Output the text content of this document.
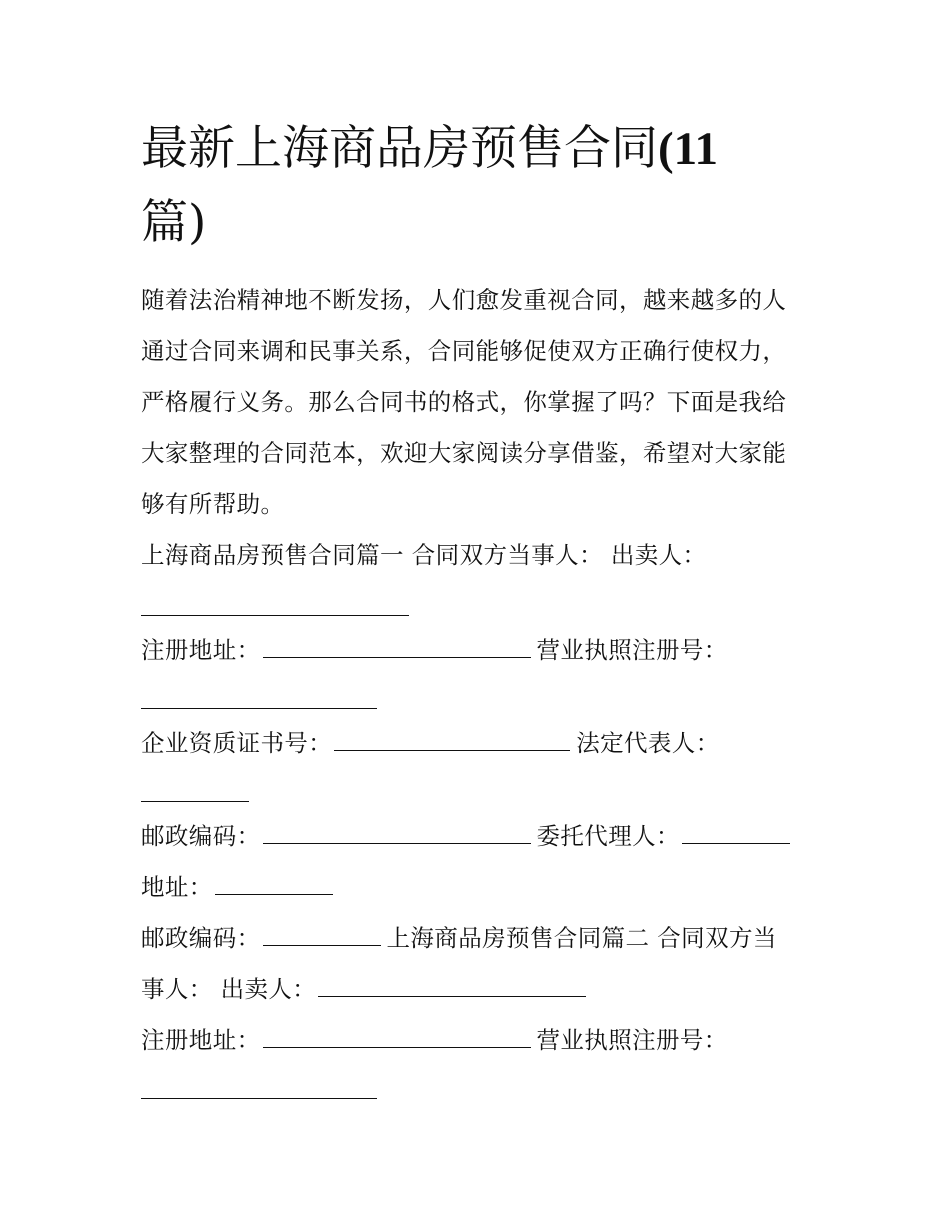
最新上海商品房预售合同(11
篇)
随着法治精神地不断发扬，人们愈发重视合同，越来越多的人
通过合同来调和民事关系，合同能够促使双方正确行使权力，
严格履行义务。那么合同书的格式，你掌握了吗？下面是我给
大家整理的合同范本，欢迎大家阅读分享借鉴，希望对大家能
够有所帮助。
上海商品房预售合同篇一 合同双方当事人： 出卖人：
注册地址：	营业执照注册号：
企业资质证书号：	法定代表人：
邮政编码：	委托代理人：
地址：
邮政编码：	上海商品房预售合同篇二 合同双方当
事人： 出卖人：
注册地址：	营业执照注册号：
